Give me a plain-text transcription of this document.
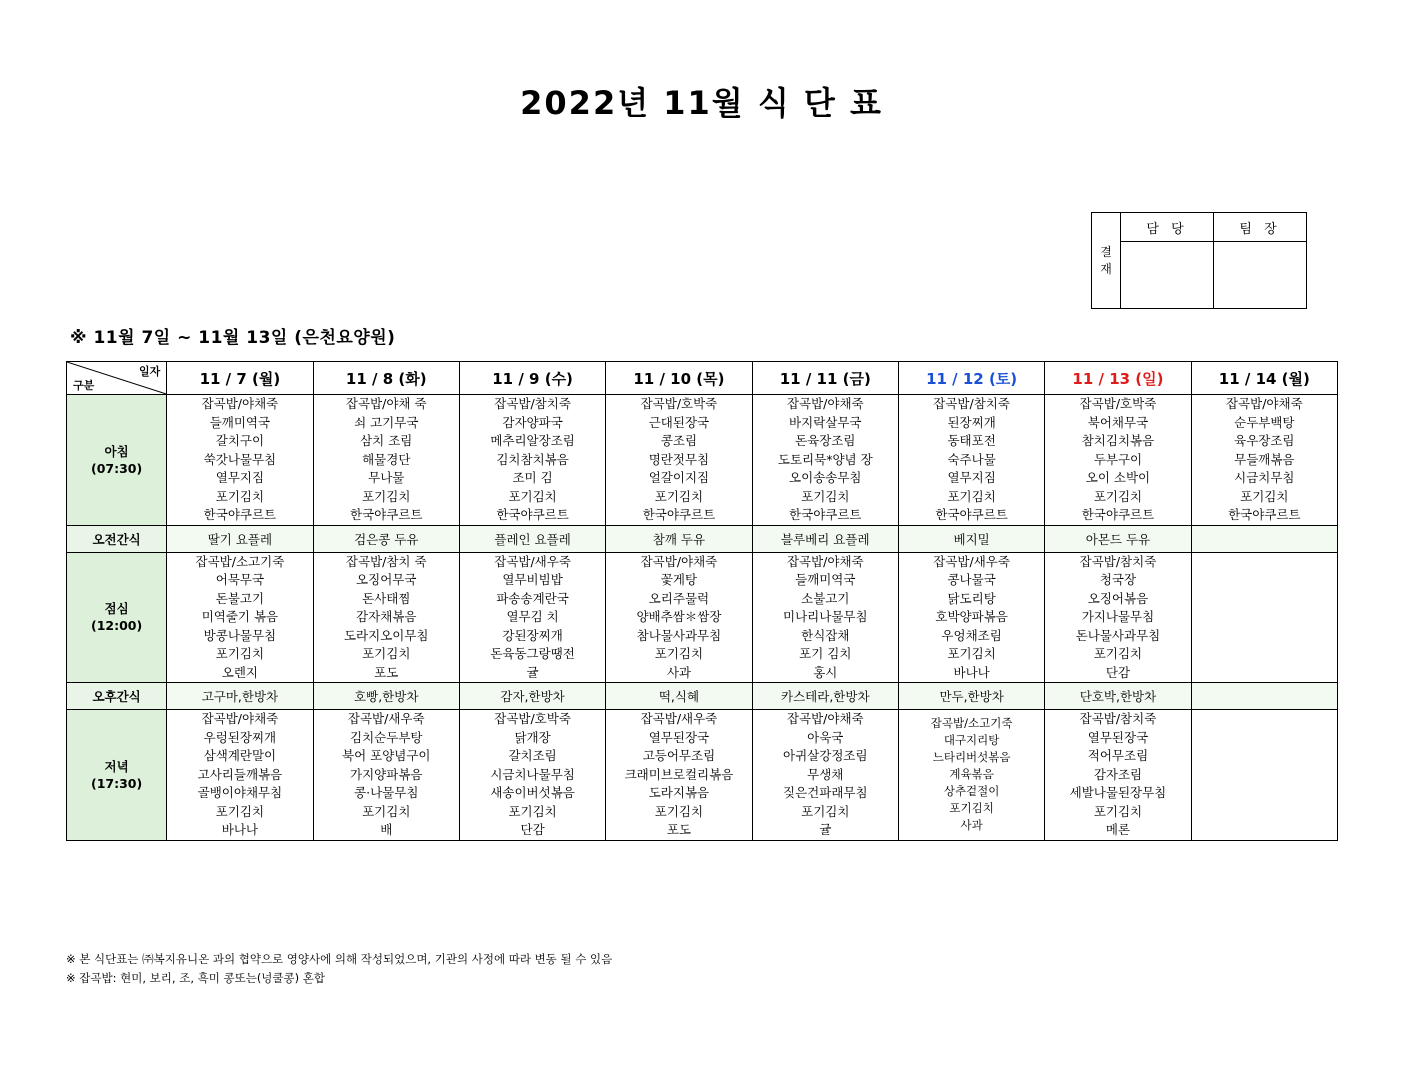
2022년 11월 식 단 표
결재	담 당	팀 장

※ 11월 7일 ~ 11월 13일 (은천요양원)
일자
구분	11 / 7 (월)	11 / 8 (화)	11 / 9 (수)	11 / 10 (목)	11 / 11 (금)	11 / 12 (토)	11 / 13 (일)	11 / 14 (월)

아침
(07:30)

잡곡밥/야채죽
들깨미역국
갈치구이
쑥갓나물무침
열무지짐
포기김치
한국야쿠르트

잡곡밥/야채 죽
쇠 고기무국
삼치 조림
해물경단
무나물
포기김치
한국야쿠르트

잡곡밥/참치죽
감자양파국
메추리알장조림
김치참치볶음
조미 김
포기김치
한국야쿠르트

잡곡밥/호박죽
근대된장국
콩조림
명란젓무침
얼갈이지짐
포기김치
한국야쿠르트

잡곡밥/야채죽
바지락살무국
돈육장조림
도토리묵*양념 장
오이송송무침
포기김치
한국야쿠르트

잡곡밥/참치죽
된장찌개
동태포전
숙주나물
열무지짐
포기김치
한국야쿠르트

잡곡밥/호박죽
북어채무국
참치김치볶음
두부구이
오이 소박이
포기김치
한국야쿠르트

잡곡밥/야채죽
순두부백탕
육우장조림
무들깨볶음
시금치무침
포기김치
한국야쿠르트

오전간식	딸기 요플레	검은콩 두유	플레인 요플레	참깨 두유	블루베리 요플레	베지밀	아몬드 두유	

점심
(12:00)

잡곡밥/소고기죽
어묵무국
돈불고기
미역줄기 볶음
방콩나물무침
포기김치
오렌지

잡곡밥/참치 죽
오징어무국
돈사태찜
감자채볶음
도라지오이무침
포기김치
포도

잡곡밥/새우죽
열무비빔밥
파송송계란국
열무김 치
강된장찌개
돈육동그랑땡전
귤

잡곡밥/야채죽
꽃게탕
오리주물럭
양배추쌈＊쌈장
참나물사과무침
포기김치
사과

잡곡밥/야채죽
들깨미역국
소불고기
미나리나물무침
한식잡채
포기 김치
홍시

잡곡밥/새우죽
콩나물국
닭도리탕
호박양파볶음
우엉채조림
포기김치
바나나

잡곡밥/참치죽
청국장
오징어볶음
가지나물무침
돈나물사과무침
포기김치
단감

오후간식	고구마,한방차	호빵,한방차	감자,한방차	떡,식혜	카스테라,한방차	만두,한방차	단호박,한방차	

저녁
(17:30)

잡곡밥/야채죽
우렁된장찌개
삼색계란말이
고사리들깨볶음
골뱅이야채무침
포기김치
바나나

잡곡밥/새우죽
김치순두부탕
북어 포양념구이
가지양파볶음
콩·나물무침
포기김치
배

잡곡밥/호박죽
닭개장
갈치조림
시금치나물무침
새송이버섯볶음
포기김치
단감

잡곡밥/새우죽
열무된장국
고등어무조림
크래미브로컬리볶음
도라지볶음
포기김치
포도

잡곡밥/야채죽
아욱국
아귀살강정조림
무생채
짖은건파래무침
포기김치
귤

잡곡밥/소고기죽
대구지리탕
느타리버섯볶음
계육볶음
상추겉절이
포기김치
사과

잡곡밥/참치죽
열무된장국
적어무조림
감자조림
세발나물된장무침
포기김치
메론

※ 본 식단표는 ㈜복지유니온 과의 협약으로 영양사에 의해 작성되었으며, 기관의 사정에 따라 변동 될 수 있음
※ 잡곡밥: 현미, 보리, 조, 흑미 콩또는(넝쿨콩) 혼합
